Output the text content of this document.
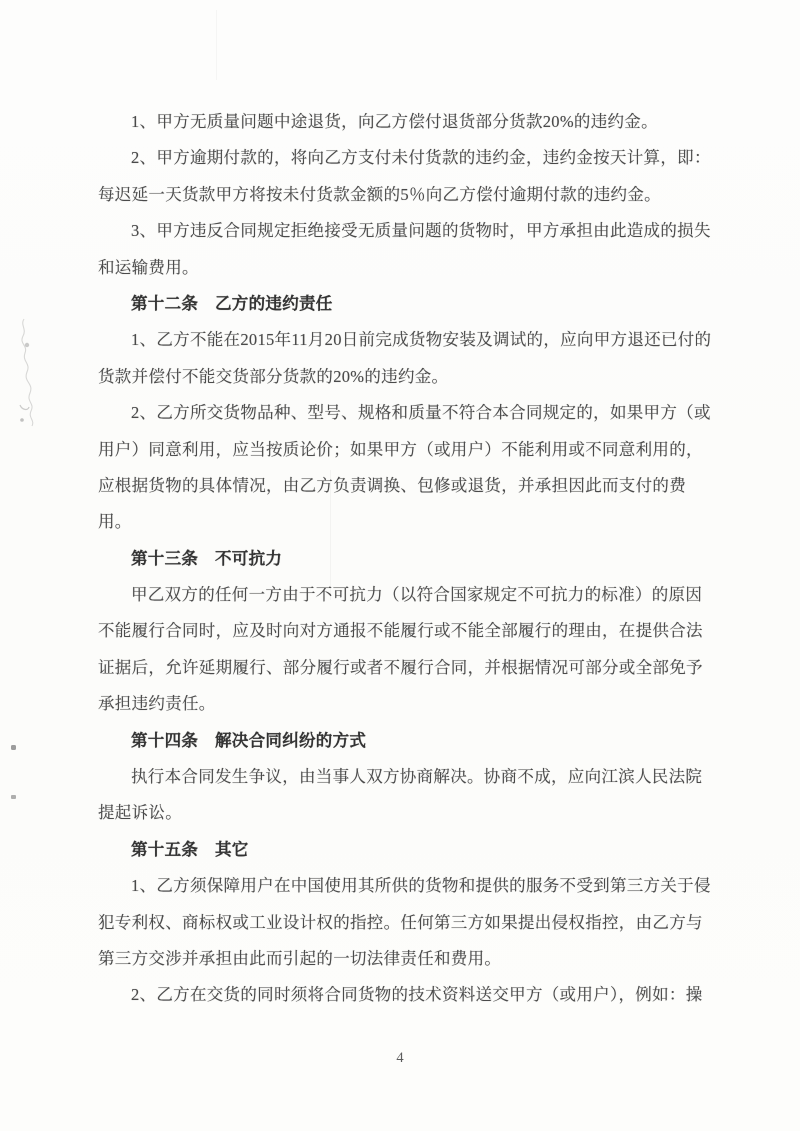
1、甲方无质量问题中途退货，向乙方偿付退货部分货款20%的违约金。
2、甲方逾期付款的，将向乙方支付未付货款的违约金，违约金按天计算，即：
每迟延一天货款甲方将按未付货款金额的5％向乙方偿付逾期付款的违约金。
3、甲方违反合同规定拒绝接受无质量问题的货物时，甲方承担由此造成的损失
和运输费用。
第十二条　乙方的违约责任
1、乙方不能在2015年11月20日前完成货物安装及调试的，应向甲方退还已付的
货款并偿付不能交货部分货款的20%的违约金。
2、乙方所交货物品种、型号、规格和质量不符合本合同规定的，如果甲方（或
用户）同意利用，应当按质论价；如果甲方（或用户）不能利用或不同意利用的，
应根据货物的具体情况，由乙方负责调换、包修或退货，并承担因此而支付的费
用。
第十三条　不可抗力
甲乙双方的任何一方由于不可抗力（以符合国家规定不可抗力的标准）的原因
不能履行合同时，应及时向对方通报不能履行或不能全部履行的理由，在提供合法
证据后，允许延期履行、部分履行或者不履行合同，并根据情况可部分或全部免予
承担违约责任。
第十四条　解决合同纠纷的方式
执行本合同发生争议，由当事人双方协商解决。协商不成，应向江滨人民法院
提起诉讼。
第十五条　其它
1、乙方须保障用户在中国使用其所供的货物和提供的服务不受到第三方关于侵
犯专利权、商标权或工业设计权的指控。任何第三方如果提出侵权指控，由乙方与
第三方交涉并承担由此而引起的一切法律责任和费用。
2、乙方在交货的同时须将合同货物的技术资料送交甲方（或用户），例如：操
4
